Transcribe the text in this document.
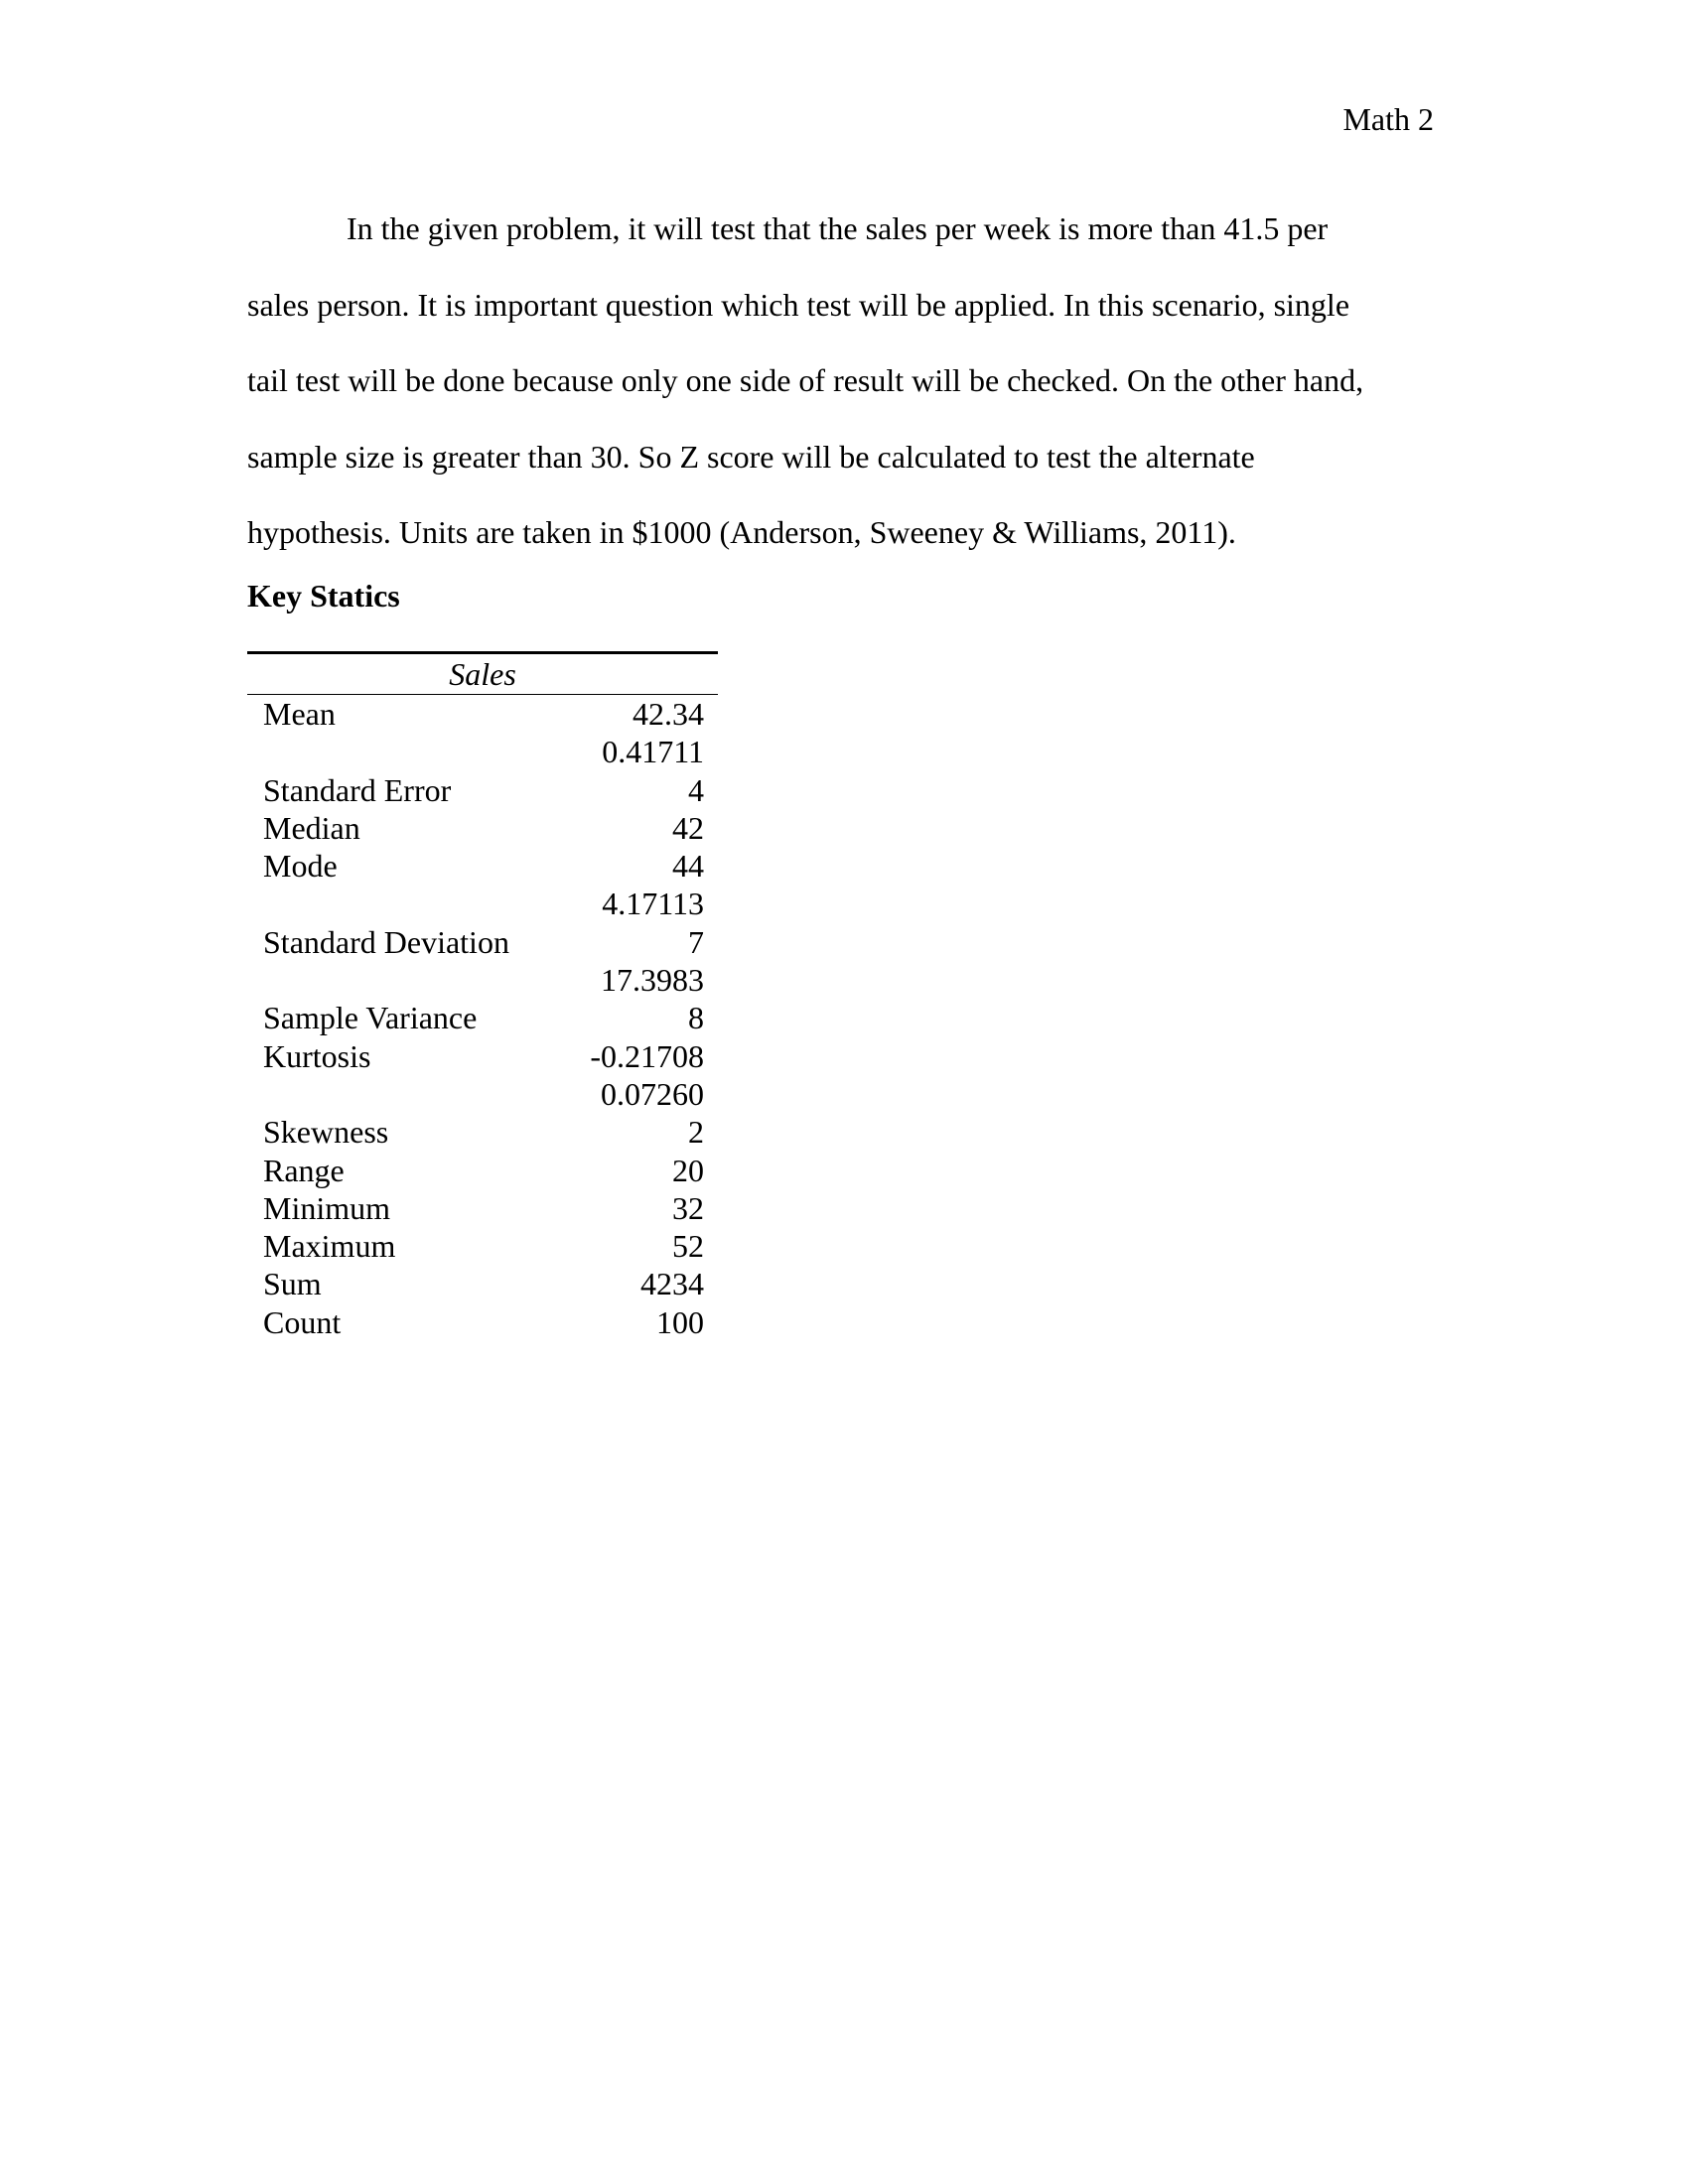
Math 2

In the given problem, it will test that the sales per week is more than 41.5 per
sales person. It is important question which test will be applied. In this scenario, single
tail test will be done because only one side of result will be checked. On the other hand,
sample size is greater than 30. So Z score will be calculated to test the alternate
hypothesis. Units are taken in $1000 (Anderson, Sweeney & Williams, 2011).

Key Statics
Sales	
Mean	42.34
	0.41711
Standard Error	4
Median	42
Mode	44
	4.17113
Standard Deviation	7
	17.3983
Sample Variance	8
Kurtosis	-0.21708
	0.07260
Skewness	2
Range	20
Minimum	32
Maximum	52
Sum	4234
Count	100
